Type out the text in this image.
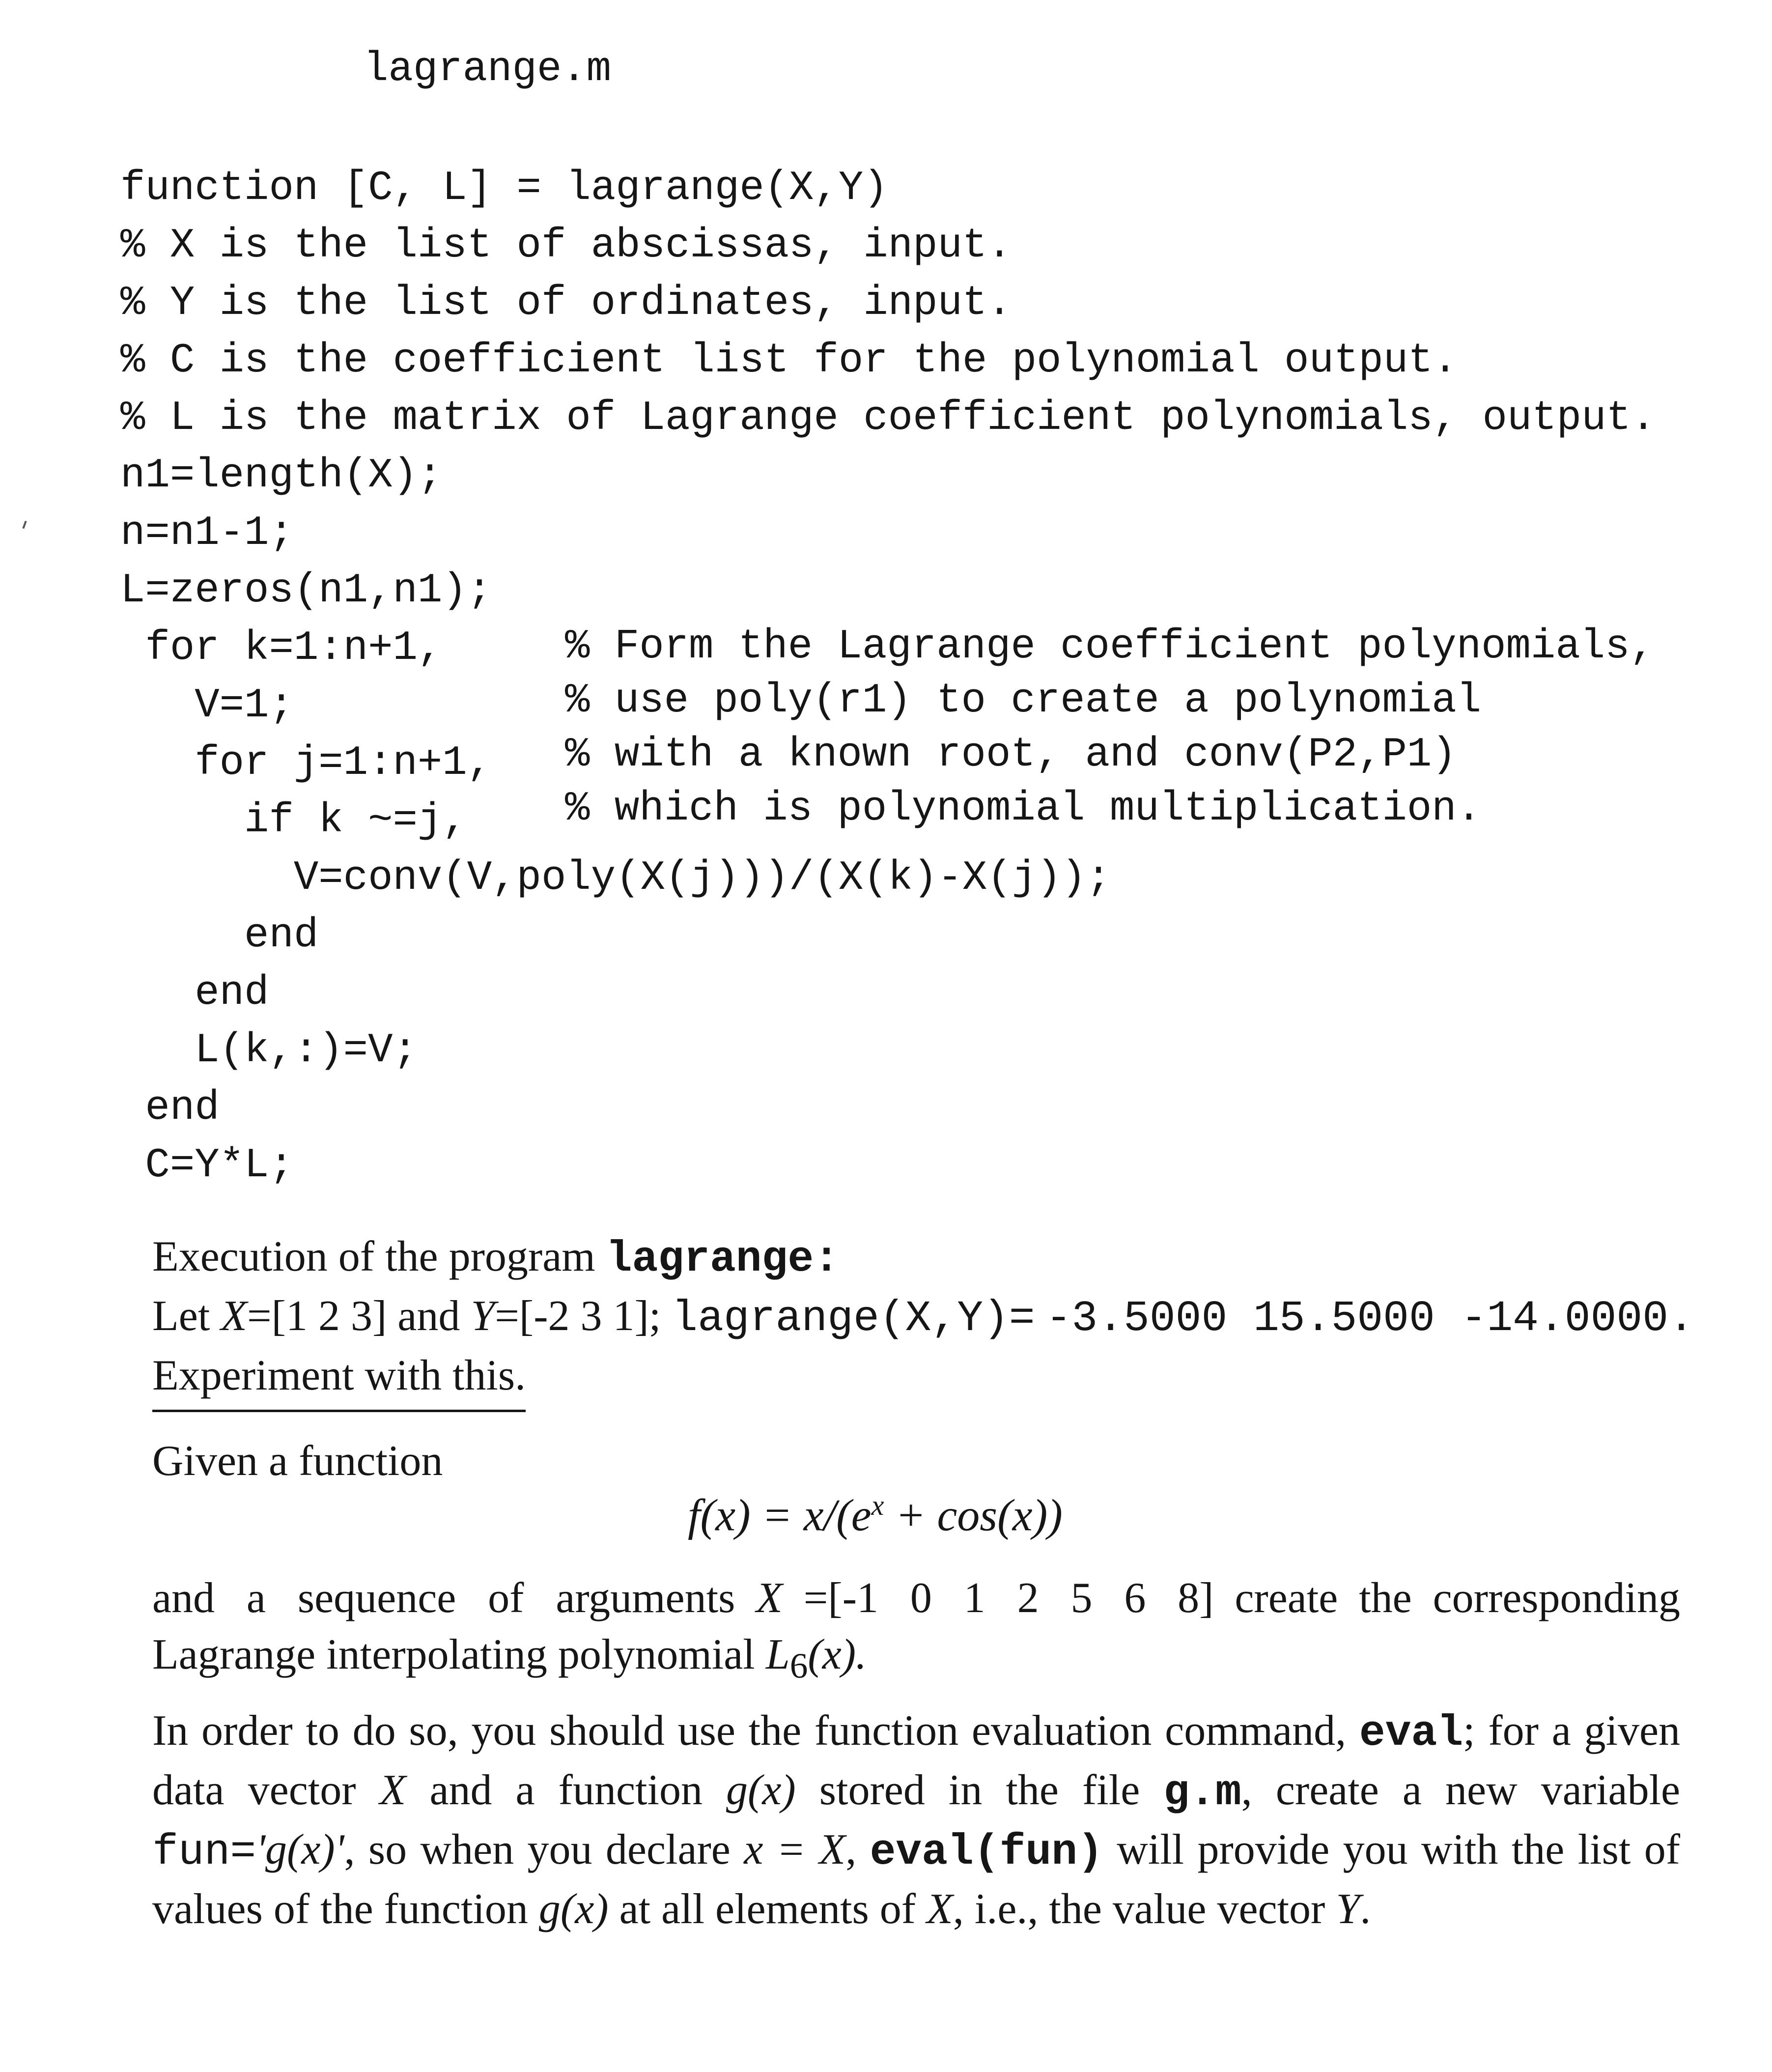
lagrange.m
function [C, L] = lagrange(X,Y)
% X is the list of abscissas, input.
% Y is the list of ordinates, input.
% C is the coefficient list for the polynomial output.
% L is the matrix of Lagrange coefficient polynomials, output.
n1=length(X);
n=n1-1;
L=zeros(n1,n1);
for k=1:n+1,
V=1;
for j=1:n+1,
if k ~=j,
V=conv(V,poly(X(j)))/(X(k)-X(j));
end
end
L(k,:)=V;
end
C=Y*L;
% Form the Lagrange coefficient polynomials,
% use poly(r1) to create a polynomial
% with a known root, and conv(P2,P1)
% which is polynomial multiplication.
Execution of the program lagrange:
Let X=[1 2 3] and Y=[-2 3 1]; lagrange(X,Y)= -3.5000 15.5000 -14.0000.
Experiment with this.
Given a function
$f(x) = x/(e^x + \cos(x))$
and a sequence of arguments X =[-1 0 1 2 5 6 8] create the corresponding Lagrange interpolating polynomial $L_6(x)$.
In order to do so, you should use the function evaluation command, eval; for a given data vector X and a function g(x) stored in the file g.m, create a new variable fun='g(x)', so when you declare x = X, eval(fun) will provide you with the list of values of the function g(x) at all elements of X, i.e., the value vector Y.
